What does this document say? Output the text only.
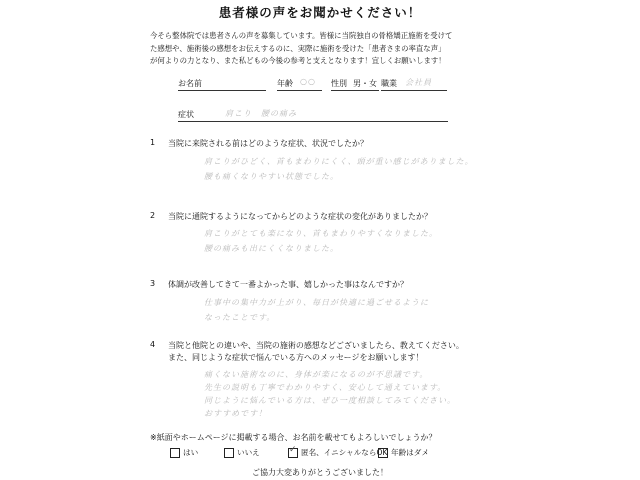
患者様の声をお聞かせください！
今そら整体院では患者さんの声を募集しています。皆様に当院独自の骨格矯正施術を受けて
た感想や、施術後の感想をお伝えするのに、実際に施術を受けた「患者さまの率直な声」
が何よりの力となり、また私どもの今後の参考と支えとなります！宜しくお願いします！
お名前	年齢 ○○ 性別 男・女 職業 会社員
症状	肩こり　腰の痛み
1 当院に来院される前はどのような症状、状況でしたか？
肩こりがひどく、首もまわりにくく、頭が重い感じがありました。
腰も痛くなりやすい状態でした。
2 当院に通院するようになってからどのような症状の変化がありましたか？
肩こりがとても楽になり、首もまわりやすくなりました。
腰の痛みも出にくくなりました。
3 体調が改善してきて一番よかった事、嬉しかった事はなんですか？
仕事中の集中力が上がり、毎日が快適に過ごせるように
なったことです。
4 当院と他院との違いや、当院の施術の感想などございましたら、教えてください。
また、同じような症状で悩んでいる方へのメッセージをお願いします！
痛くない施術なのに、身体が楽になるのが不思議です。
先生の説明も丁寧でわかりやすく、安心して通えています。
同じように悩んでいる方は、ぜひ一度相談してみてください。
おすすめです！
※紙面やホームページに掲載する場合、お名前を載せてもよろしいでしょうか？
はい	いいえ
✓	匿名、イニシャルならOK 年齢はダメ
ご協力大変ありがとうございました！
